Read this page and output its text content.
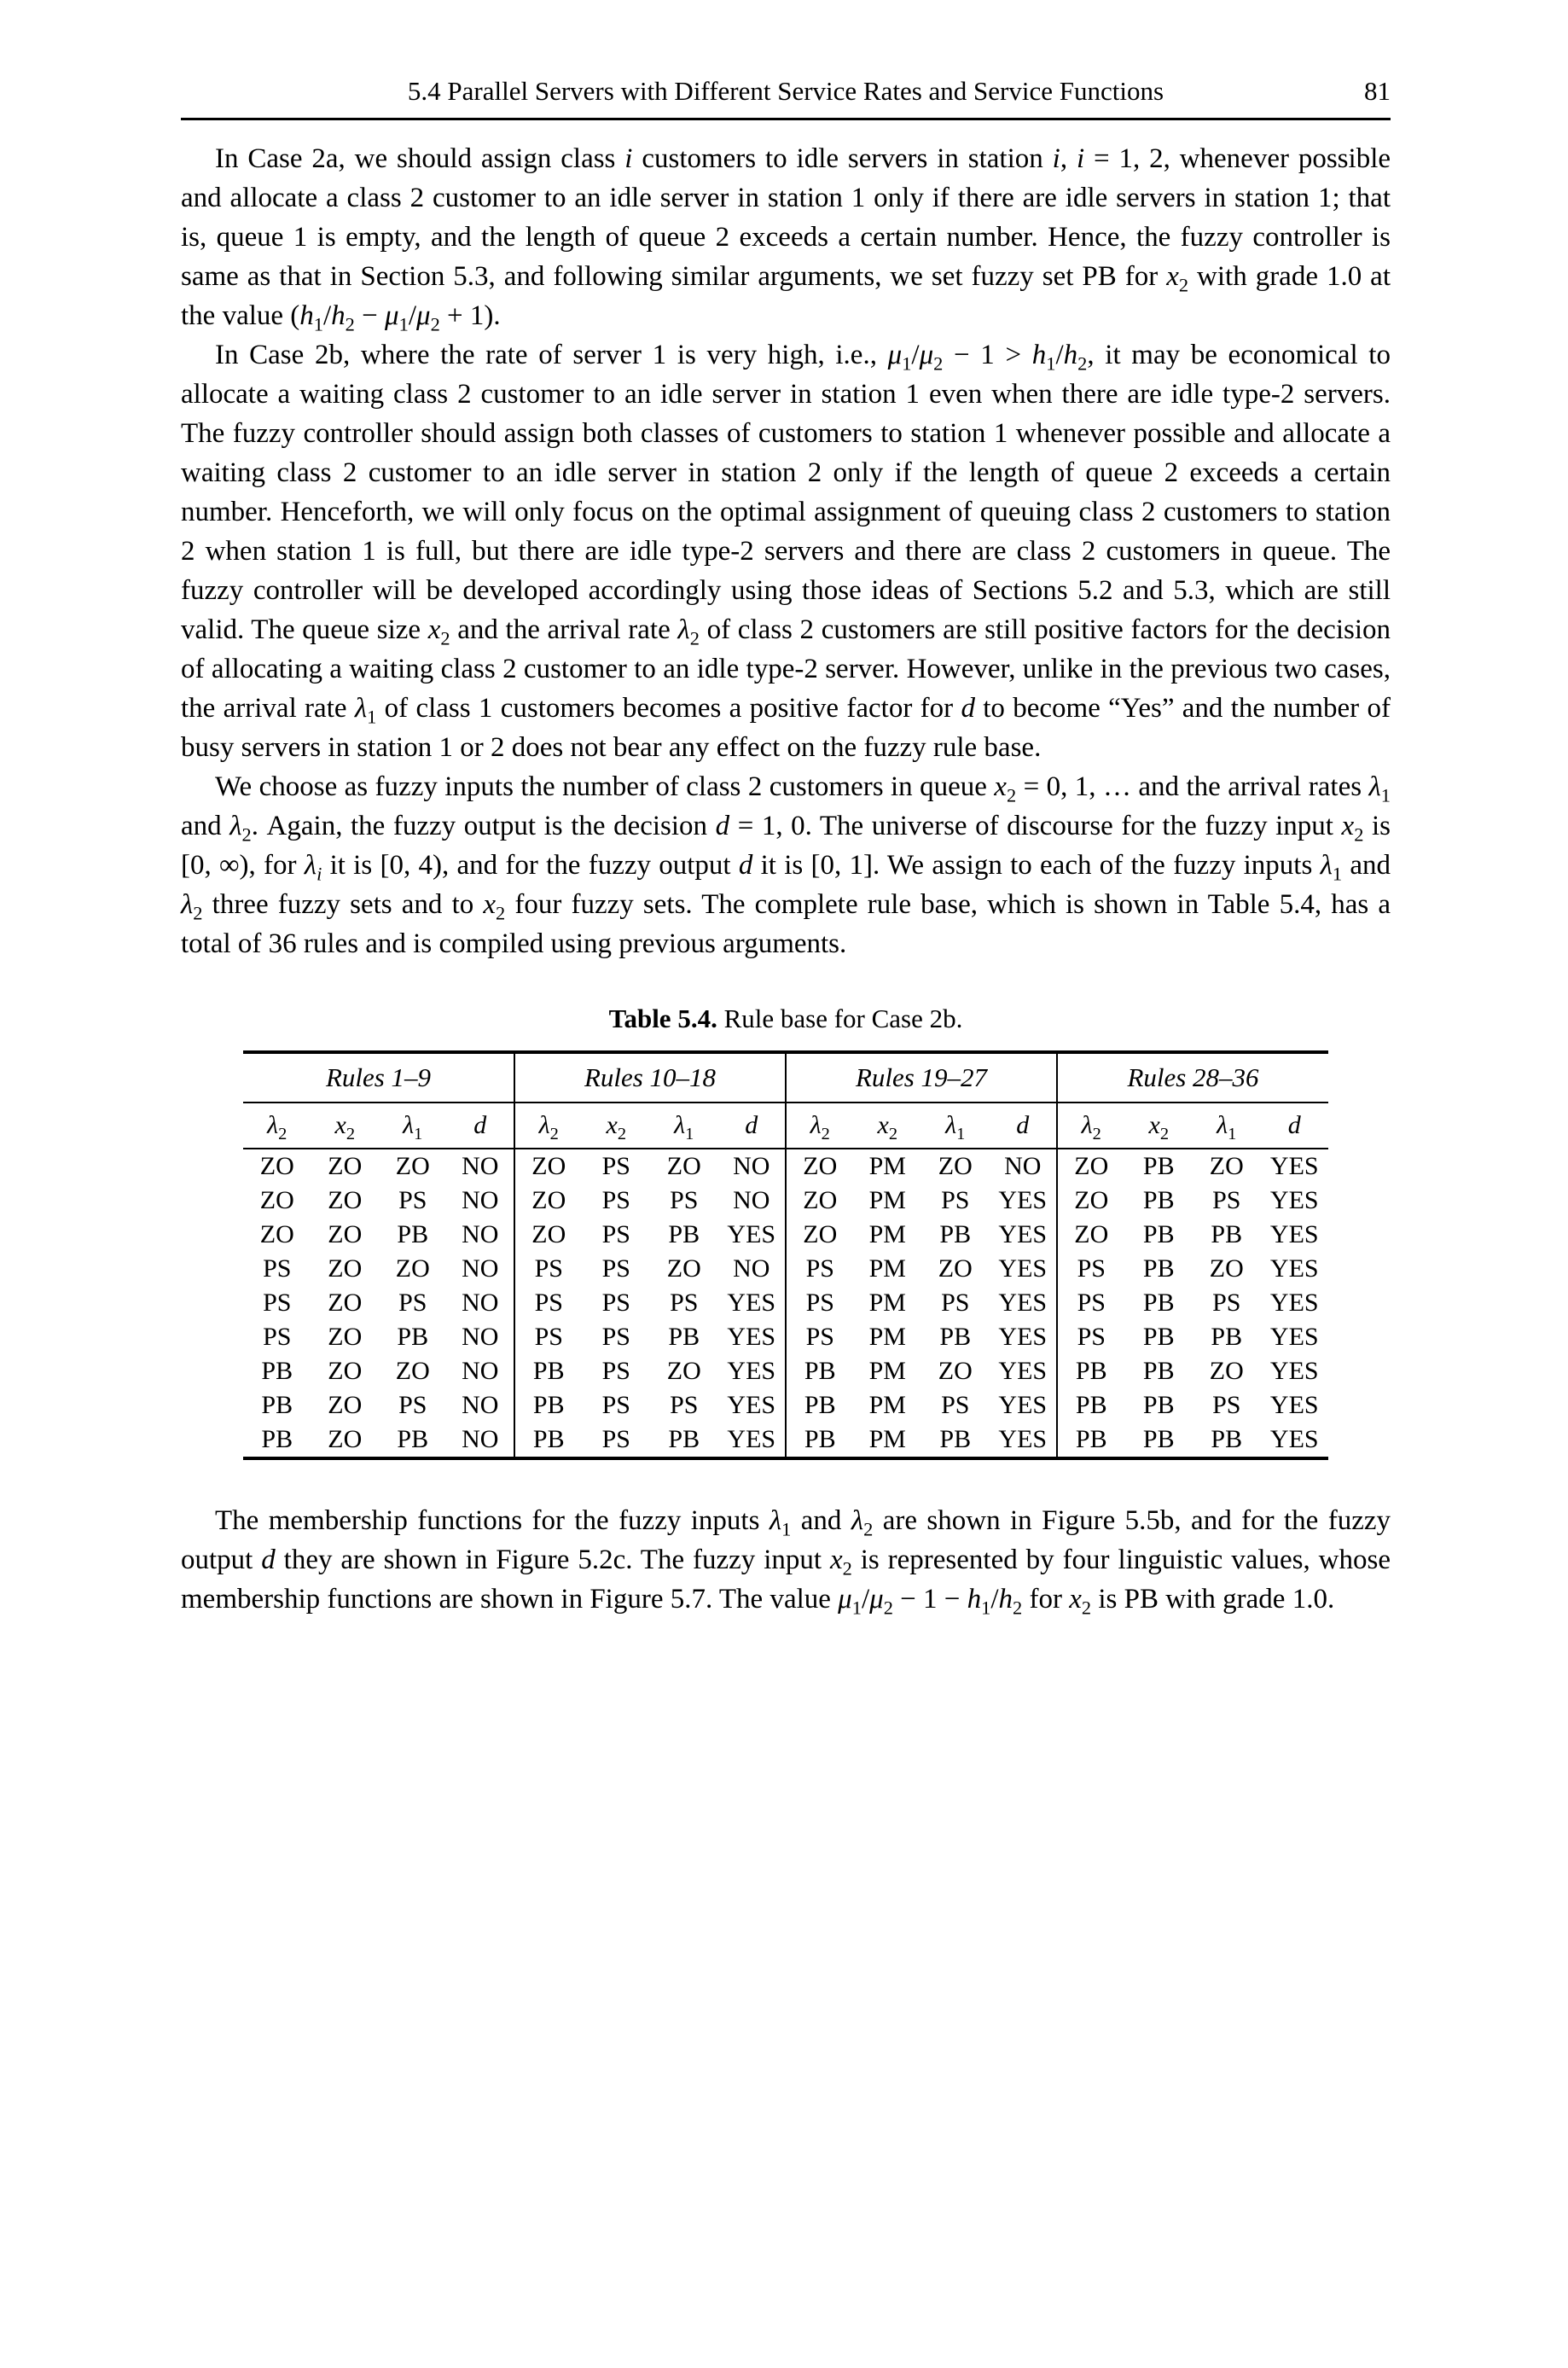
5.4 Parallel Servers with Different Service Rates and Service Functions	81

In Case 2a, we should assign class i customers to idle servers in station i, i = 1, 2, whenever possible and allocate a class 2 customer to an idle server in station 1 only if there are idle servers in station 1; that is, queue 1 is empty, and the length of queue 2 exceeds a certain number. Hence, the fuzzy controller is same as that in Section 5.3, and following similar arguments, we set fuzzy set PB for $x_2$ with grade 1.0 at the value $(h_1/h_2 - \mu_1/\mu_2 + 1)$.

In Case 2b, where the rate of server 1 is very high, i.e., $\mu_1/\mu_2 - 1 > h_1/h_2$, it may be economical to allocate a waiting class 2 customer to an idle server in station 1 even when there are idle type-2 servers. The fuzzy controller should assign both classes of customers to station 1 whenever possible and allocate a waiting class 2 customer to an idle server in station 2 only if the length of queue 2 exceeds a certain number. Henceforth, we will only focus on the optimal assignment of queuing class 2 customers to station 2 when station 1 is full, but there are idle type-2 servers and there are class 2 customers in queue. The fuzzy controller will be developed accordingly using those ideas of Sections 5.2 and 5.3, which are still valid. The queue size $x_2$ and the arrival rate $\lambda_2$ of class 2 customers are still positive factors for the decision of allocating a waiting class 2 customer to an idle type-2 server. However, unlike in the previous two cases, the arrival rate $\lambda_1$ of class 1 customers becomes a positive factor for d to become “Yes” and the number of busy servers in station 1 or 2 does not bear any effect on the fuzzy rule base.

We choose as fuzzy inputs the number of class 2 customers in queue $x_2 = 0$, 1, … and the arrival rates $\lambda_1$ and $\lambda_2$. Again, the fuzzy output is the decision d = 1, 0. The universe of discourse for the fuzzy input $x_2$ is [0, ∞), for $\lambda_i$ it is [0, 4), and for the fuzzy output d it is [0, 1]. We assign to each of the fuzzy inputs $\lambda_1$ and $\lambda_2$ three fuzzy sets and to $x_2$ four fuzzy sets. The complete rule base, which is shown in Table 5.4, has a total of 36 rules and is compiled using previous arguments.

Table 5.4. Rule base for Case 2b.
Rules 1–9				Rules 10–18				Rules 19–27				Rules 28–36			
$\lambda_2$	$x_2$	$\lambda_1$	d	$\lambda_2$	$x_2$	$\lambda_1$	d	$\lambda_2$	$x_2$	$\lambda_1$	d	$\lambda_2$	$x_2$	$\lambda_1$	d
ZO	ZO	ZO	NO	ZO	PS	ZO	NO	ZO	PM	ZO	NO	ZO	PB	ZO	YES
ZO	ZO	PS	NO	ZO	PS	PS	NO	ZO	PM	PS	YES	ZO	PB	PS	YES
ZO	ZO	PB	NO	ZO	PS	PB	YES	ZO	PM	PB	YES	ZO	PB	PB	YES
PS	ZO	ZO	NO	PS	PS	ZO	NO	PS	PM	ZO	YES	PS	PB	ZO	YES
PS	ZO	PS	NO	PS	PS	PS	YES	PS	PM	PS	YES	PS	PB	PS	YES
PS	ZO	PB	NO	PS	PS	PB	YES	PS	PM	PB	YES	PS	PB	PB	YES
PB	ZO	ZO	NO	PB	PS	ZO	YES	PB	PM	ZO	YES	PB	PB	ZO	YES
PB	ZO	PS	NO	PB	PS	PS	YES	PB	PM	PS	YES	PB	PB	PS	YES
PB	ZO	PB	NO	PB	PS	PB	YES	PB	PM	PB	YES	PB	PB	PB	YES

The membership functions for the fuzzy inputs $\lambda_1$ and $\lambda_2$ are shown in Figure 5.5b, and for the fuzzy output d they are shown in Figure 5.2c. The fuzzy input $x_2$ is represented by four linguistic values, whose membership functions are shown in Figure 5.7. The value $\mu_1/\mu_2 - 1 - h_1/h_2$ for $x_2$ is PB with grade 1.0.
